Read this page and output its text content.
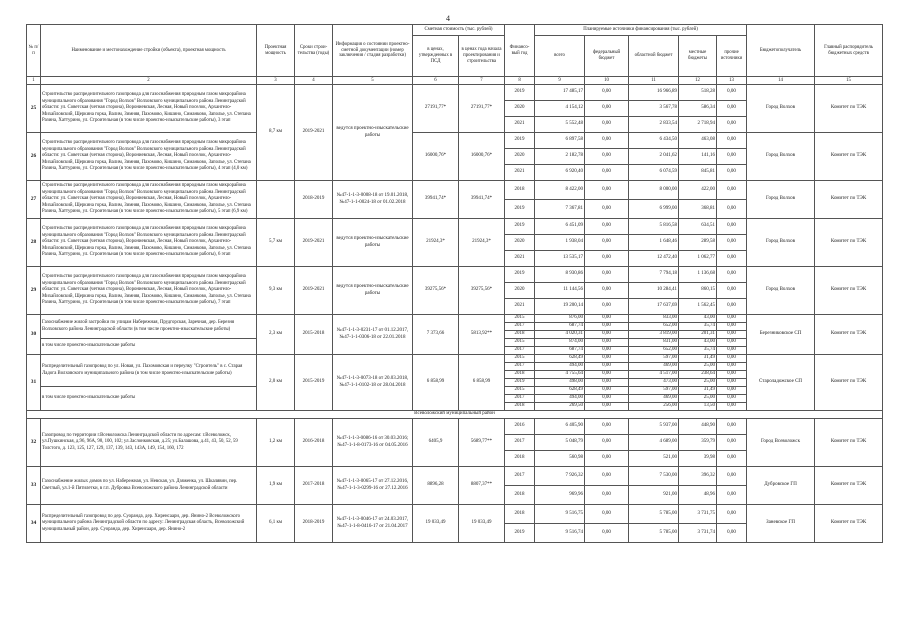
4
№ п/п	Наименование и местонахождение стройки (объекта), проектная мощность	Проектная мощность	Сроки строи-тельства (годы)	Информация о состоянии проектно-сметной документации (номер заключения / стадия разработки)	Сметная стоимость (тыс. рублей)		Финансо-вый год	Планируемые источники финансирования (тыс. рублей)					Бюджетополучатель	Главный распорядитель бюджетных средств
					в ценах, утвержденных в ПСД	в ценах года начала проектирования и строительства		всего	федеральный бюджет	областной бюджет	местные бюджеты	прочие источники		
1	2	3	4	5	6	7	8	9	10	11	12	13	14	15
25	Строительство распределительного газопровода для газоснабжения природным газом микрорайона муниципального образования "Город Волхов" Волховского муниципального района Ленинградской области: ул. Советская (четная сторона), Ворониевская, Лесная, Новый поселок, Архангело-Михайловский, Щеркина горка, Валим, Зимняя, Пахомово, Кишино, Симанково, Заполье, ул. Степана Разина, Хаттурино, ул. Строительная (в том числе проектно-изыскательские работы), 3 этап	8,7 км	2019-2021	ведутся проектно-изыскательские работы	27191,77*	27191,77*	2019	17 485,17	0,00	16 966,89	518,28	0,00	Город Волхов	Комитет по ТЭК
							2020	4 154,12	0,00	3 567,78	586,34	0,00		
							2021	5 552,48	0,00	2 833,54	2 718,94	0,00		
26	Строительство распределительного газопровода для газоснабжения природным газом микрорайона муниципального образования "Город Волхов" Волховского муниципального района Ленинградской области: ул. Советская (четная сторона), Ворониевская, Лесная, Новый поселок, Архангело-Михайловский, Щеркина горка, Валим, Зимняя, Пахомово, Кишино, Симанково, Заполье, ул. Степана Разина, Хаттурино, ул. Строительная (в том числе проектно-изыскательские работы), 4 этап (4,0 км)				16000,76*	16000,76*	2019	6 897,58	0,00	6 434,50	463,08	0,00	Город Волхов	Комитет по ТЭК
							2020	2 182,78	0,00	2 041,62	141,16	0,00		
							2021	6 920,40	0,00	6 074,59	845,81	0,00		
27	Строительство распределительного газопровода для газоснабжения природным газом микрорайона муниципального образования "Город Волхов" Волховского муниципального района Ленинградской области: ул. Советская (четная сторона), Ворониевская, Лесная, Новый поселок, Архангело-Михайловский, Щеркина горка, Валим, Зимняя, Пахомово, Кишино, Симанково, Заполье, ул. Степана Разина, Хаттурино, ул. Строительная (в том числе проектно-изыскательские работы), 5 этап (6,9 км)		2018-2019	№47-1-1-3-0008-18 от 19.01.2018, №47-1-1-0024-18 от 01.02.2018	39941,74*	39941,74*	2018	8 422,00	0,00	8 000,00	422,00	0,00	Город Волхов	Комитет по ТЭК
							2019	7 367,81	0,00	6 999,00	368,81	0,00		
28	Строительство распределительного газопровода для газоснабжения природным газом микрорайона муниципального образования "Город Волхов" Волховского муниципального района Ленинградской области: ул. Советская (четная сторона), Ворониевская, Лесная, Новый поселок, Архангело-Михайловский, Щеркина горка, Валим, Зимняя, Пахомово, Кишино, Симанково, Заполье, ул. Степана Разина, Хаттурино, ул. Строительная (в том числе проектно-изыскательские работы), 6 этап	5,7 км	2019-2021	ведутся проектно-изыскательские работы	21924,3*	21924,3*	2019	6 451,09	0,00	5 816,58	634,51	0,00	Город Волхов	Комитет по ТЭК
							2020	1 938,04	0,00	1 648,46	289,58	0,00		
							2021	13 535,17	0,00	12 472,40	1 062,77	0,00		
29	Строительство распределительного газопровода для газоснабжения природным газом микрорайона муниципального образования "Город Волхов" Волховского муниципального района Ленинградской области: ул. Советская (четная сторона), Ворониевская, Лесная, Новый поселок, Архангело-Михайловский, Щеркина горка, Валим, Зимняя, Пахомово, Кишино, Симанково, Заполье, ул. Степана Разина, Хаттурино, ул. Строительная (в том числе проектно-изыскательские работы), 7 этап	9,3 км	2019-2021	ведутся проектно-изыскательские работы	39275,56*	39275,56*	2019	8 930,86	0,00	7 794,18	1 136,68	0,00	Город Волхов	Комитет по ТЭК
							2020	11 144,56	0,00	10 284,41	860,15	0,00		
							2021	19 200,14	0,00	17 637,69	1 562,45	0,00		
30	Газоснабжение жилой застройки по улицам Набережная, Прудгорская, Заречная, дер. Березня Волховского района Ленинградской области (в том числе проектно-изыскательские работы)	2,3 км	2015-2018	№47-1-1-3-0231-17 от 01.12.2017, №47-1-1-0306-18 от 22.01.2018	7 373,66	5813,92**	2015	876,00	0,00	833,00	43,00	0,00	Березниковское СП	Комитет по ТЭК
							2017	687,74	0,00	652,00	35,74	0,00		
							2018	4 020,31	0,00	3 819,00	201,31	0,00		
	в том числе проектно-изыскательские работы						2015	874,00	0,00	831,00	43,00	0,00		
							2017	687,74	0,00	652,00	35,74	0,00		
31	Распределительный газопровод по ул. Новая, ул. Пахомовская и переулку "Строитель" в с. Старая Ладога Волховского муниципального района (в том числе проектно-изыскательские работы)	2,0 км	2015-2019	№47-1-1-3-0073-18 от 20.03.2018, №47-1-1-0102-18 от 28.04.2018	6 858,99	6 858,99	2015	628,49	0,00	597,00	31,49	0,00	Староладожское СП	Комитет по ТЭК
							2017	494,00	0,00	469,00	25,00	0,00		
							2018	4 755,64	0,00	4 517,00	238,64	0,00		
							2019	498,00	0,00	473,00	25,00	0,00		
	в том числе проектно-изыскательские работы						2015	628,49	0,00	597,00	31,49	0,00		
							2017	494,00	0,00	469,00	25,00	0,00		
							2018	269,50	0,00	256,00	13,50	0,00		
Всеволожский муниципальный район														
32	Газопровод по территории г.Всеволожска Ленинградской области по адресам: г.Всеволожск, ул.Пушкинская, д.96, 96А, 98, 100, 102; ул.Заслонковская, д.25; ул.Балашова, д.41, 43, 50, 52, 59 Толстого, д. 123, 125, 127, 129, 137, 139, 143, 143А, 149, 154, 160, 172	1,2 км	2016-2018	№47-1-1-3-0086-16 от 30.03.2016; №47-1-1-8-0173-16 от 04.05.2016	6405,9	5689,77**	2016	6 405,90	0,00	5 937,00	448,90	0,00	Город Всеволожск	Комитет по ТЭК
							2017	5 048,79	0,00	4 689,00	359,79	0,00		
							2018	560,98	0,00	521,00	39,98	0,00		
33	Газоснабжение жилых домов по ул. Набережная, ул. Невская, ул. Дзяженка, ул. Шкалявин, пер. Светлый, ул.1-й Пятилетки, в г.п. Дубровка Всеволожского района Ленинградской области	1,9 км	2017-2018	№47-1-1-3-0065-17 от 27.12.2016, №47-1-1-3-0299-16 от 27.12.2016	8896,28	8807,37**	2017	7 926,32	0,00	7 530,00	396,32	0,00	Дубровское ГП	Комитет по ТЭК
							2018	969,96	0,00	921,00	48,96	0,00		
34	Распределительный газопровод по дер. Суоранда, дер. Хиренсаари, дер. Янино-2 Всеволожского муниципального района Ленинградской области по адресу: Ленинградская область, Всеволожский муниципальный район, дер. Суоранда, дер. Хиренсаари, дер. Янино-2	6,1 км	2018-2019	№47-1-1-3-0046-17 от 24.03.2017, №47-1-1-8-0416-17 от 21.04.2017	19 033,49	19 033,49	2018	9 516,75	0,00	5 785,00	3 731,75	0,00	Заневское ГП	Комитет по ТЭК
							2019	9 516,74	0,00	5 785,00	3 731,74	0,00		
